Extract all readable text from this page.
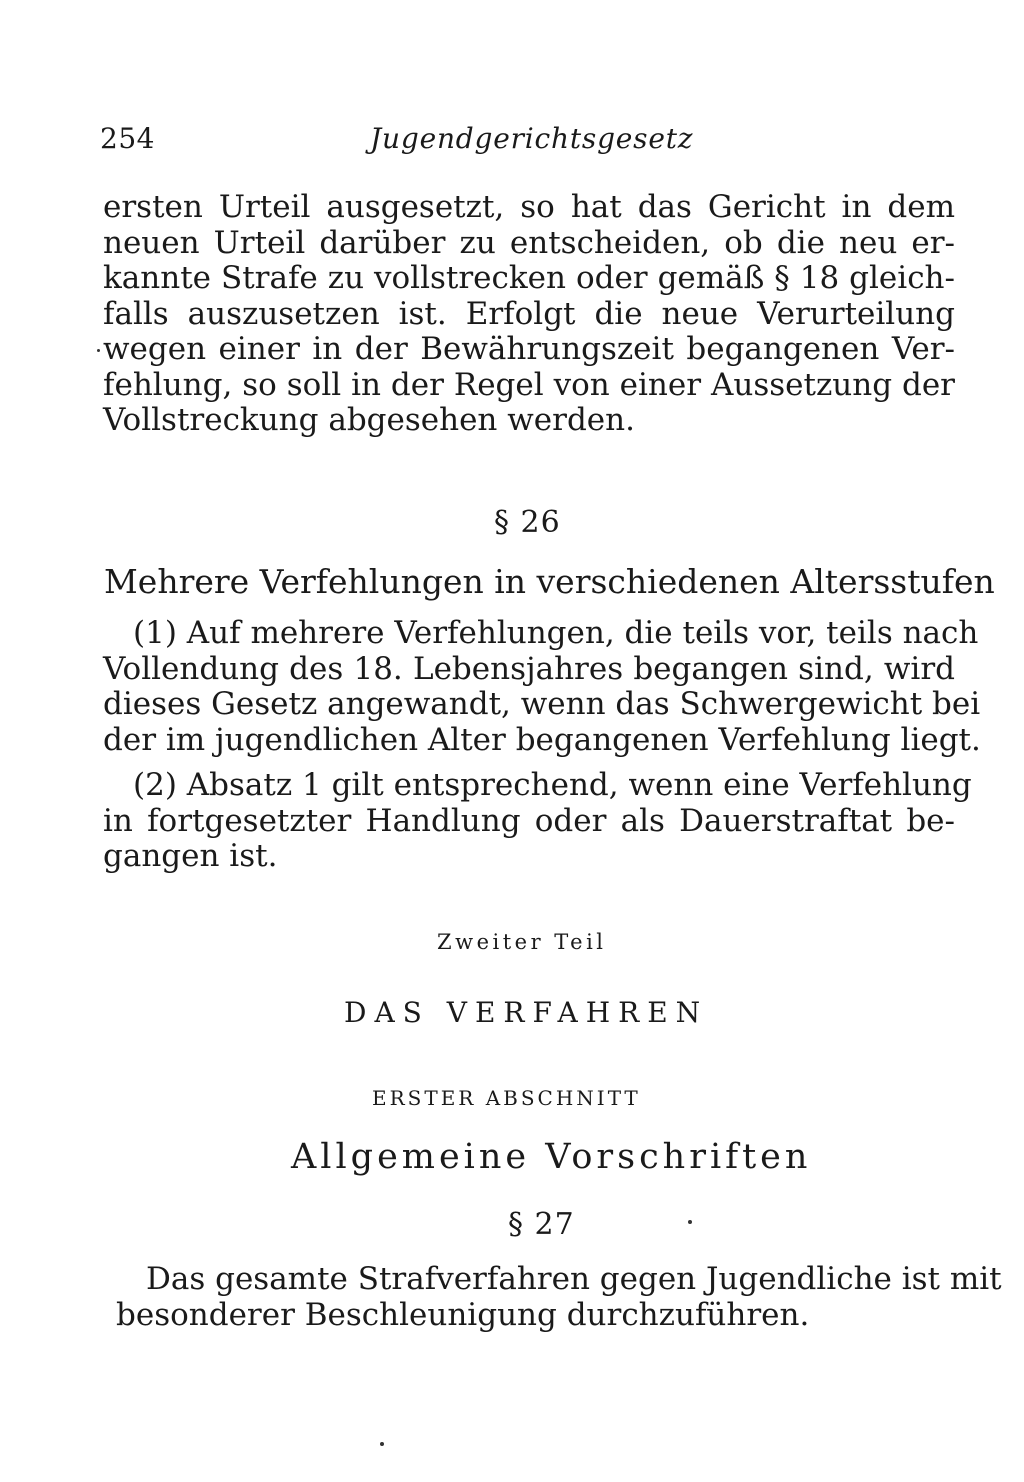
254	Jugendgerichtsgesetz
ersten Urteil ausgesetzt, so hat das Gericht in dem
neuen Urteil darüber zu entscheiden, ob die neu er-
kannte Strafe zu vollstrecken oder gemäß § 18 gleich-
falls auszusetzen ist. Erfolgt die neue Verurteilung
wegen einer in der Bewährungszeit begangenen Ver-
fehlung, so soll in der Regel von einer Aussetzung der
Vollstreckung abgesehen werden.
§ 26
Mehrere Verfehlungen in verschiedenen Altersstufen
(1) Auf mehrere Verfehlungen, die teils vor, teils nach
Vollendung des 18. Lebensjahres begangen sind, wird
dieses Gesetz angewandt, wenn das Schwergewicht bei
der im jugendlichen Alter begangenen Verfehlung liegt.
(2) Absatz 1 gilt entsprechend, wenn eine Verfehlung
in fortgesetzter Handlung oder als Dauerstraftat be-
gangen ist.
Zweiter Teil
DAS VERFAHREN
ERSTER ABSCHNITT
Allgemeine Vorschriften
§ 27
Das gesamte Strafverfahren gegen Jugendliche ist mit
besonderer Beschleunigung durchzuführen.
